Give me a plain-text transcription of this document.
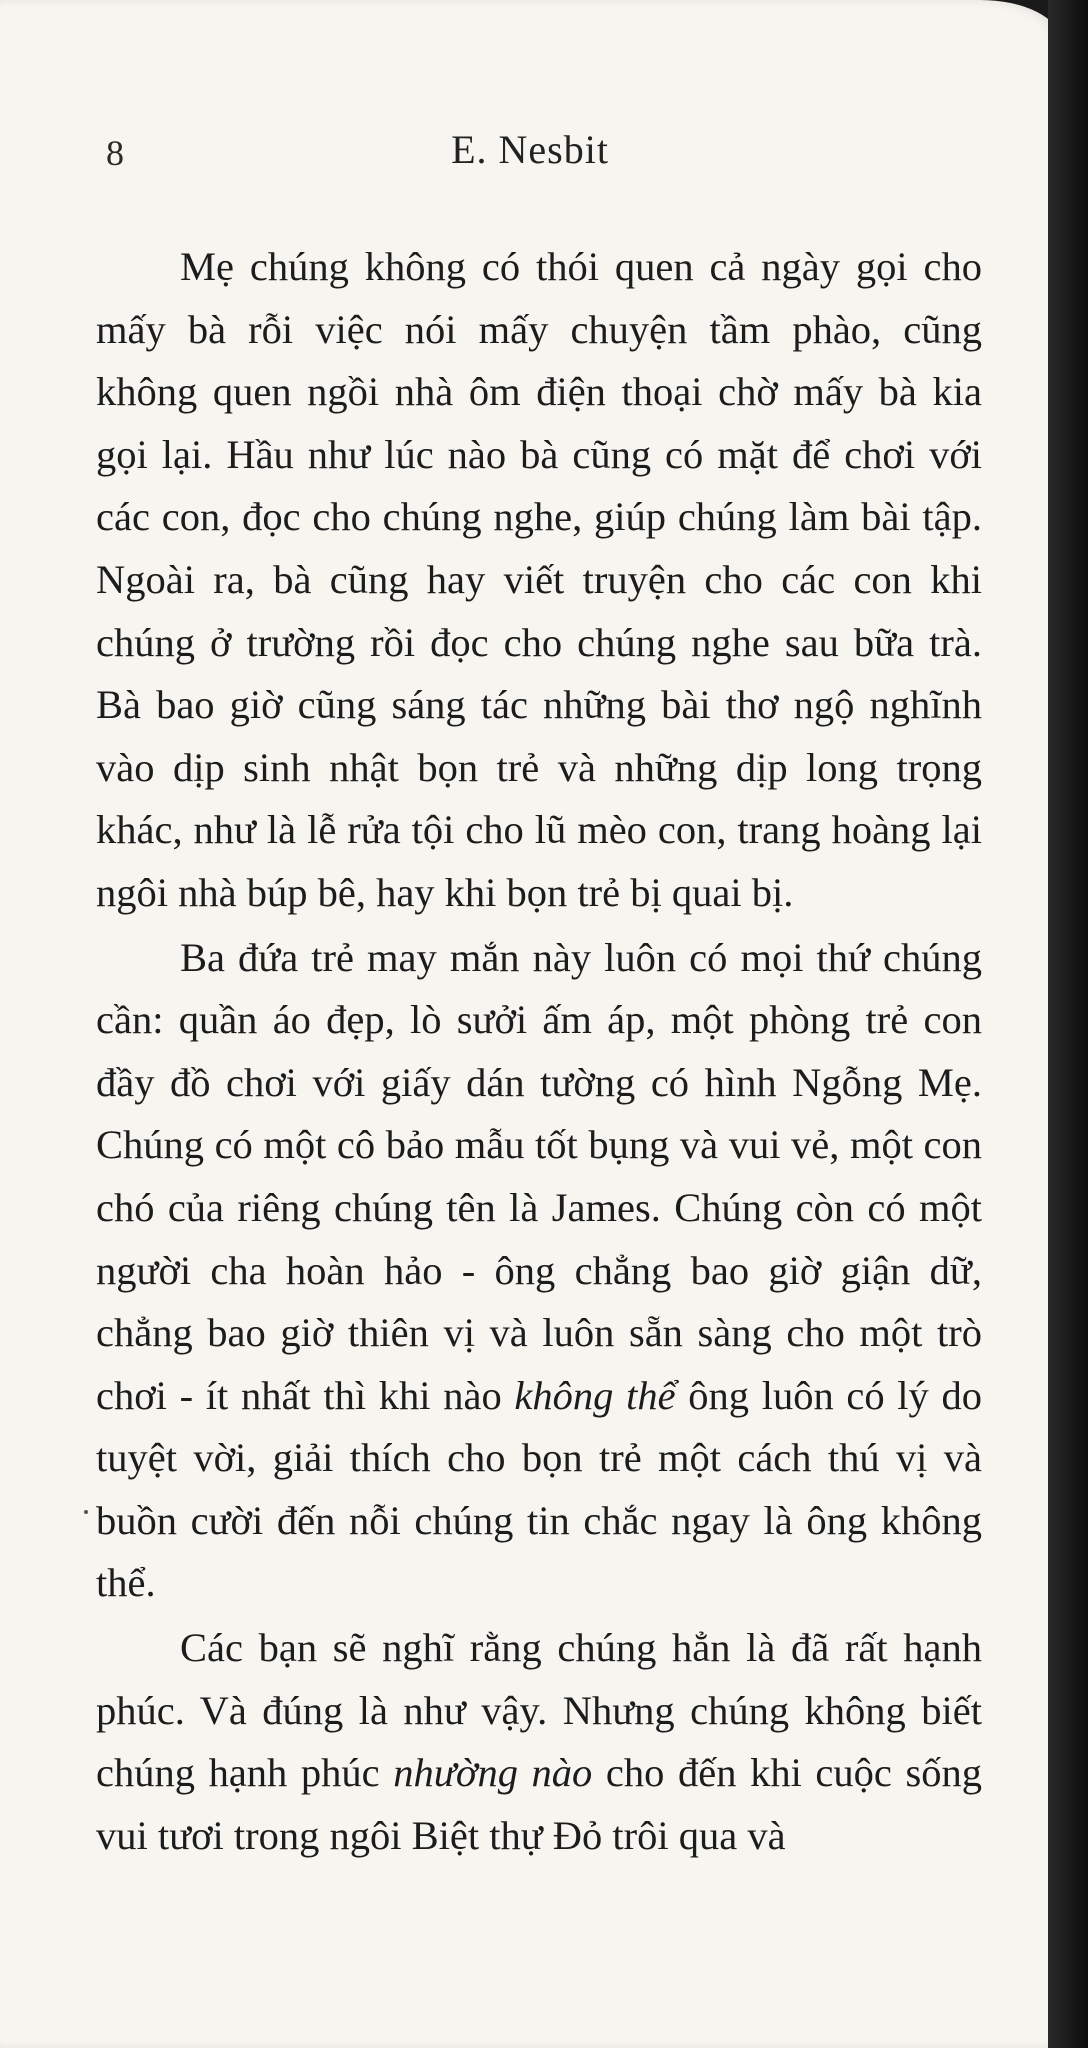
8	E. Nesbit

Mẹ chúng không có thói quen cả ngày gọi cho mấy bà rỗi việc nói mấy chuyện tầm phào, cũng không quen ngồi nhà ôm điện thoại chờ mấy bà kia gọi lại. Hầu như lúc nào bà cũng có mặt để chơi với các con, đọc cho chúng nghe, giúp chúng làm bài tập. Ngoài ra, bà cũng hay viết truyện cho các con khi chúng ở trường rồi đọc cho chúng nghe sau bữa trà. Bà bao giờ cũng sáng tác những bài thơ ngộ nghĩnh vào dịp sinh nhật bọn trẻ và những dịp long trọng khác, như là lễ rửa tội cho lũ mèo con, trang hoàng lại ngôi nhà búp bê, hay khi bọn trẻ bị quai bị.

Ba đứa trẻ may mắn này luôn có mọi thứ chúng cần: quần áo đẹp, lò sưởi ấm áp, một phòng trẻ con đầy đồ chơi với giấy dán tường có hình Ngỗng Mẹ. Chúng có một cô bảo mẫu tốt bụng và vui vẻ, một con chó của riêng chúng tên là James. Chúng còn có một người cha hoàn hảo - ông chẳng bao giờ giận dữ, chẳng bao giờ thiên vị và luôn sẵn sàng cho một trò chơi - ít nhất thì khi nào không thể ông luôn có lý do tuyệt vời, giải thích cho bọn trẻ một cách thú vị và buồn cười đến nỗi chúng tin chắc ngay là ông không thể.

Các bạn sẽ nghĩ rằng chúng hẳn là đã rất hạnh phúc. Và đúng là như vậy. Nhưng chúng không biết chúng hạnh phúc nhường nào cho đến khi cuộc sống vui tươi trong ngôi Biệt thự Đỏ trôi qua và
